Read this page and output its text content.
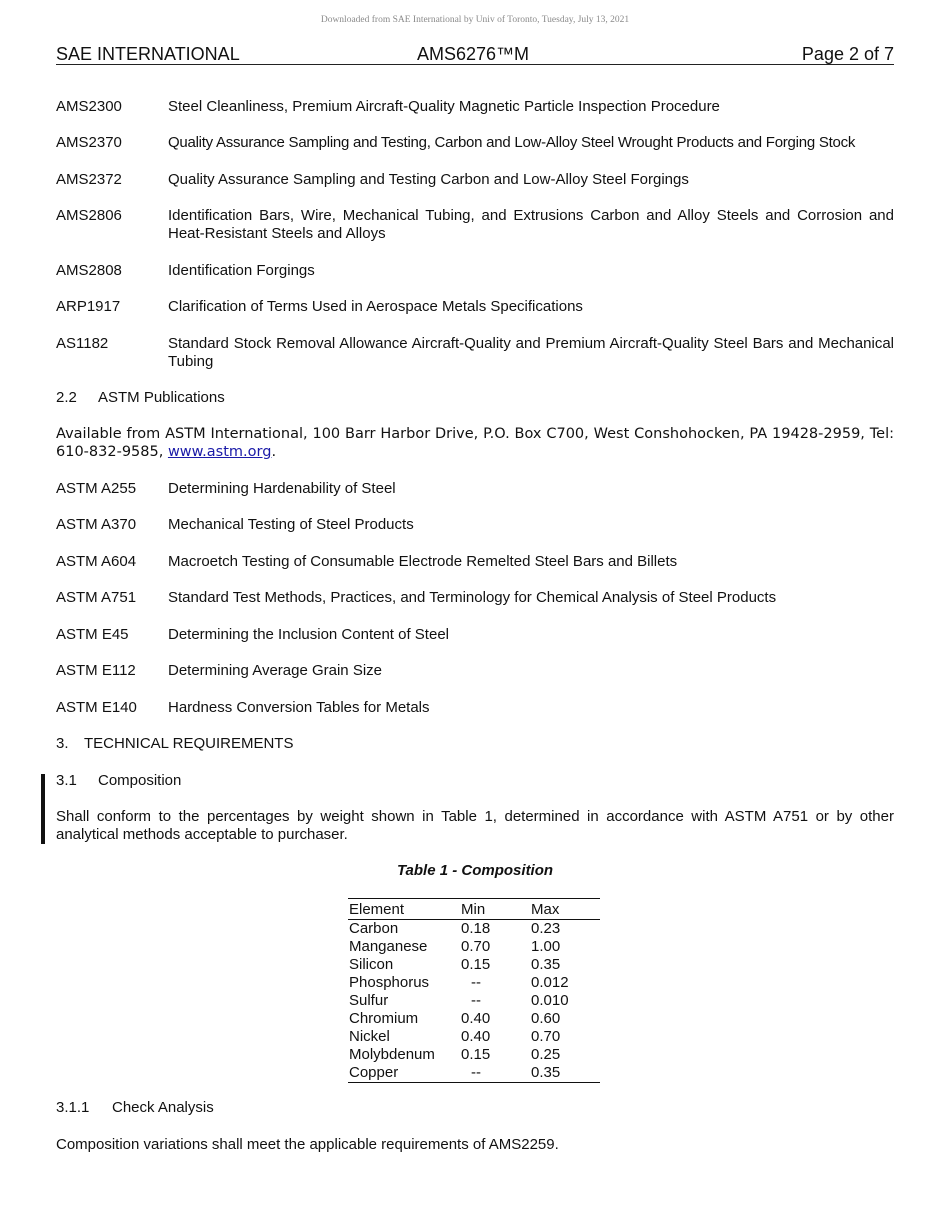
Downloaded from SAE International by Univ of Toronto, Tuesday, July 13, 2021
SAE INTERNATIONAL	AMS6276™M	Page 2 of 7
AMS2300	Steel Cleanliness, Premium Aircraft-Quality Magnetic Particle Inspection Procedure
AMS2370	Quality Assurance Sampling and Testing, Carbon and Low-Alloy Steel Wrought Products and Forging Stock
AMS2372	Quality Assurance Sampling and Testing Carbon and Low-Alloy Steel Forgings
AMS2806	Identification Bars, Wire, Mechanical Tubing, and Extrusions Carbon and Alloy Steels and Corrosion and Heat-Resistant Steels and Alloys
AMS2808	Identification Forgings
ARP1917	Clarification of Terms Used in Aerospace Metals Specifications
AS1182	Standard Stock Removal Allowance Aircraft-Quality and Premium Aircraft-Quality Steel Bars and Mechanical Tubing
2.2 ASTM Publications
Available from ASTM International, 100 Barr Harbor Drive, P.O. Box C700, West Conshohocken, PA 19428-2959, Tel: 610-832-9585, www.astm.org.
ASTM A255	Determining Hardenability of Steel
ASTM A370	Mechanical Testing of Steel Products
ASTM A604	Macroetch Testing of Consumable Electrode Remelted Steel Bars and Billets
ASTM A751	Standard Test Methods, Practices, and Terminology for Chemical Analysis of Steel Products
ASTM E45	Determining the Inclusion Content of Steel
ASTM E112	Determining Average Grain Size
ASTM E140	Hardness Conversion Tables for Metals
3. TECHNICAL REQUIREMENTS
3.1 Composition
Shall conform to the percentages by weight shown in Table 1, determined in accordance with ASTM A751 or by other analytical methods acceptable to purchaser.
Table 1 - Composition
Element	Min	Max
Carbon	0.18	0.23
Manganese 0.70	1.00
Silicon	0.15	0.35
Phosphorus	--	0.012
Sulfur	--	0.010
Chromium	0.40	0.60
Nickel	0.40	0.70
Molybdenum 0.15	0.25
Copper	--	0.35
3.1.1 Check Analysis
Composition variations shall meet the applicable requirements of AMS2259.
